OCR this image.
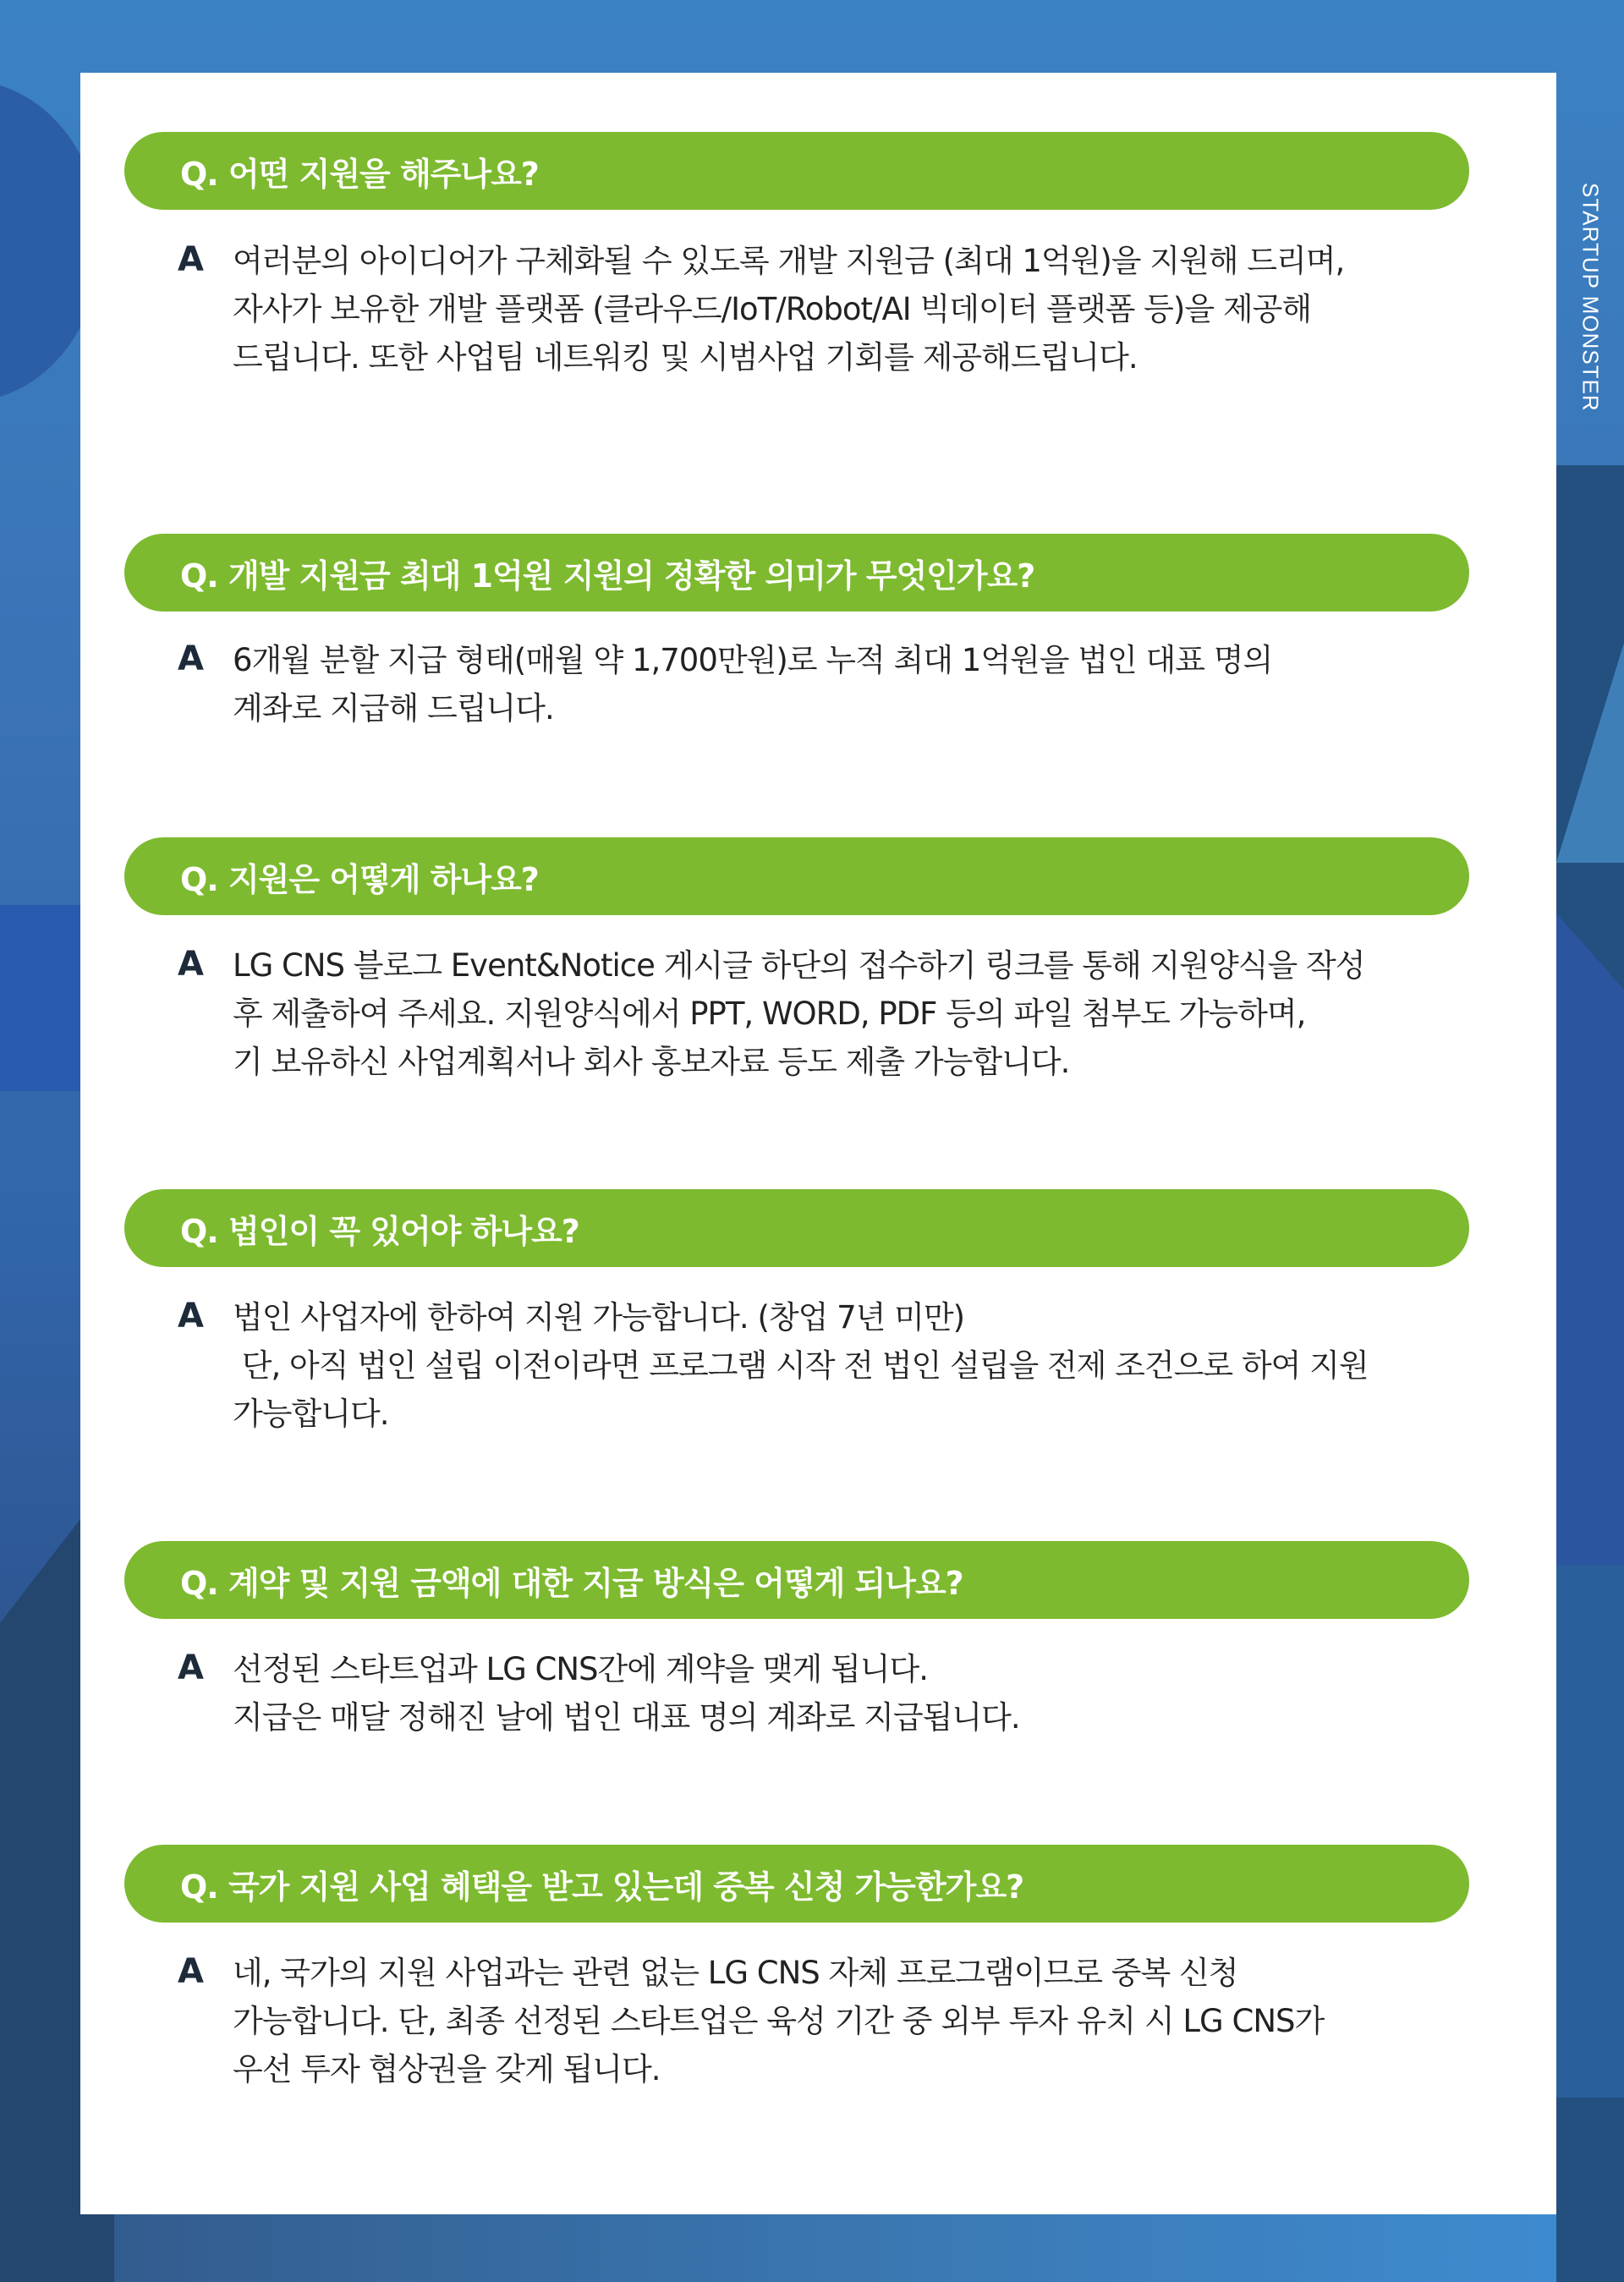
STARTUP MONSTER
Q. 어떤 지원을 해주나요?
A 여러분의 아이디어가 구체화될 수 있도록 개발 지원금 (최대 1억원)을 지원해 드리며,
자사가 보유한 개발 플랫폼 (클라우드/IoT/Robot/AI 빅데이터 플랫폼 등)을 제공해
드립니다. 또한 사업팀 네트워킹 및 시범사업 기회를 제공해드립니다.
Q. 개발 지원금 최대 1억원 지원의 정확한 의미가 무엇인가요?
A 6개월 분할 지급 형태(매월 약 1,700만원)로 누적 최대 1억원을 법인 대표 명의
계좌로 지급해 드립니다.
Q. 지원은 어떻게 하나요?
A LG CNS 블로그 Event&Notice 게시글 하단의 접수하기 링크를 통해 지원양식을 작성
후 제출하여 주세요. 지원양식에서 PPT, WORD, PDF 등의 파일 첨부도 가능하며,
기 보유하신 사업계획서나 회사 홍보자료 등도 제출 가능합니다.
Q. 법인이 꼭 있어야 하나요?
A 법인 사업자에 한하여 지원 가능합니다. (창업 7년 미만)
단, 아직 법인 설립 이전이라면 프로그램 시작 전 법인 설립을 전제 조건으로 하여 지원
가능합니다.
Q. 계약 및 지원 금액에 대한 지급 방식은 어떻게 되나요?
A 선정된 스타트업과 LG CNS간에 계약을 맺게 됩니다.
지급은 매달 정해진 날에 법인 대표 명의 계좌로 지급됩니다.
Q. 국가 지원 사업 혜택을 받고 있는데 중복 신청 가능한가요?
A 네, 국가의 지원 사업과는 관련 없는 LG CNS 자체 프로그램이므로 중복 신청
가능합니다. 단, 최종 선정된 스타트업은 육성 기간 중 외부 투자 유치 시 LG CNS가
우선 투자 협상권을 갖게 됩니다.
